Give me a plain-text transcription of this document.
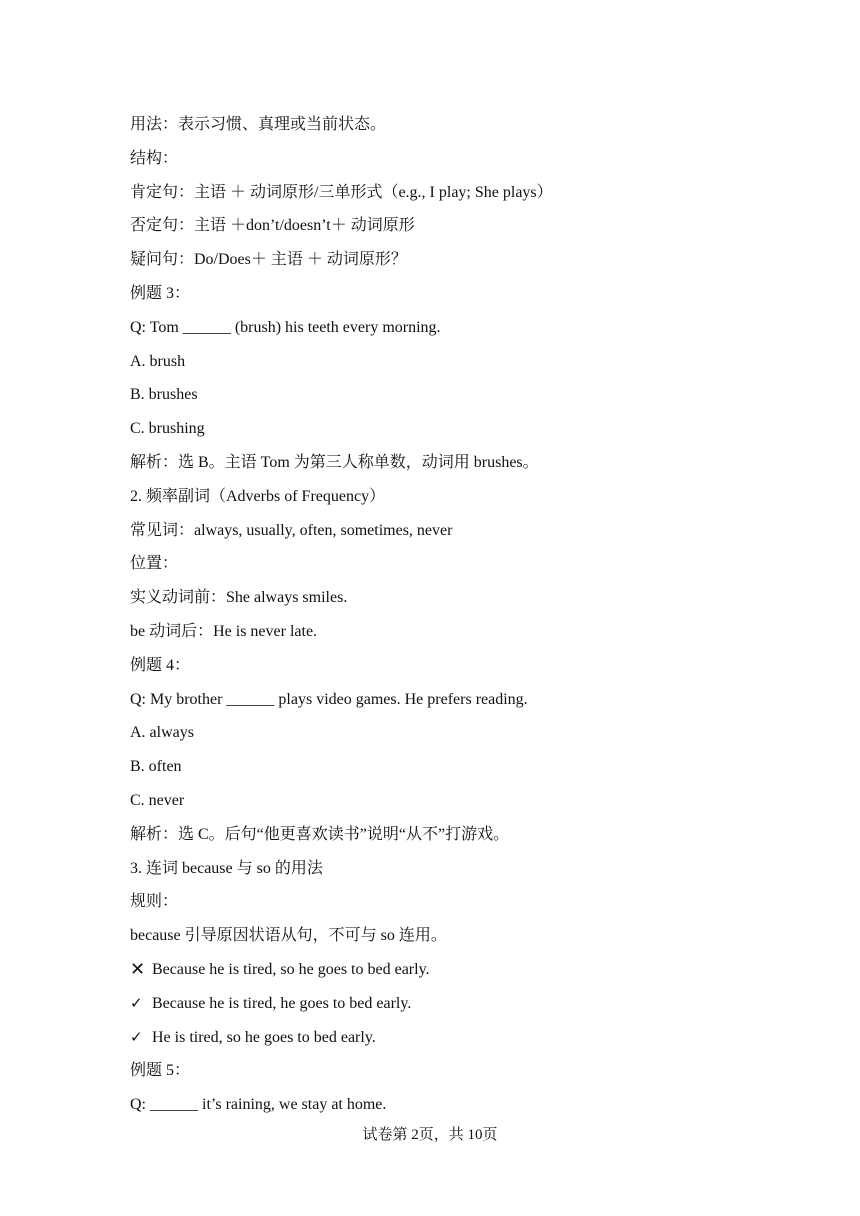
用法：表示习惯、真理或当前状态。
结构：
肯定句：主语 ＋ 动词原形/三单形式（e.g., I play; She plays）
否定句：主语 ＋don’t/doesn’t＋ 动词原形
疑问句：Do/Does＋ 主语 ＋ 动词原形？
例题 3：
Q: Tom ______ (brush) his teeth every morning.
A. brush
B. brushes
C. brushing
解析：选 B。主语 Tom 为第三人称单数，动词用 brushes。
2. 频率副词（Adverbs of Frequency）
常见词：always, usually, often, sometimes, never
位置：
实义动词前：She always smiles.
be 动词后：He is never late.
例题 4：
Q: My brother ______ plays video games. He prefers reading.
A. always
B. often
C. never
解析：选 C。后句“他更喜欢读书”说明“从不”打游戏。
3. 连词 because 与 so 的用法
规则：
because 引导原因状语从句，不可与 so 连用。
✕ Because he is tired, so he goes to bed early.
✓ Because he is tired, he goes to bed early.
✓ He is tired, so he goes to bed early.
例题 5：
Q: ______ it’s raining, we stay at home.
试卷第 2页，共 10页
